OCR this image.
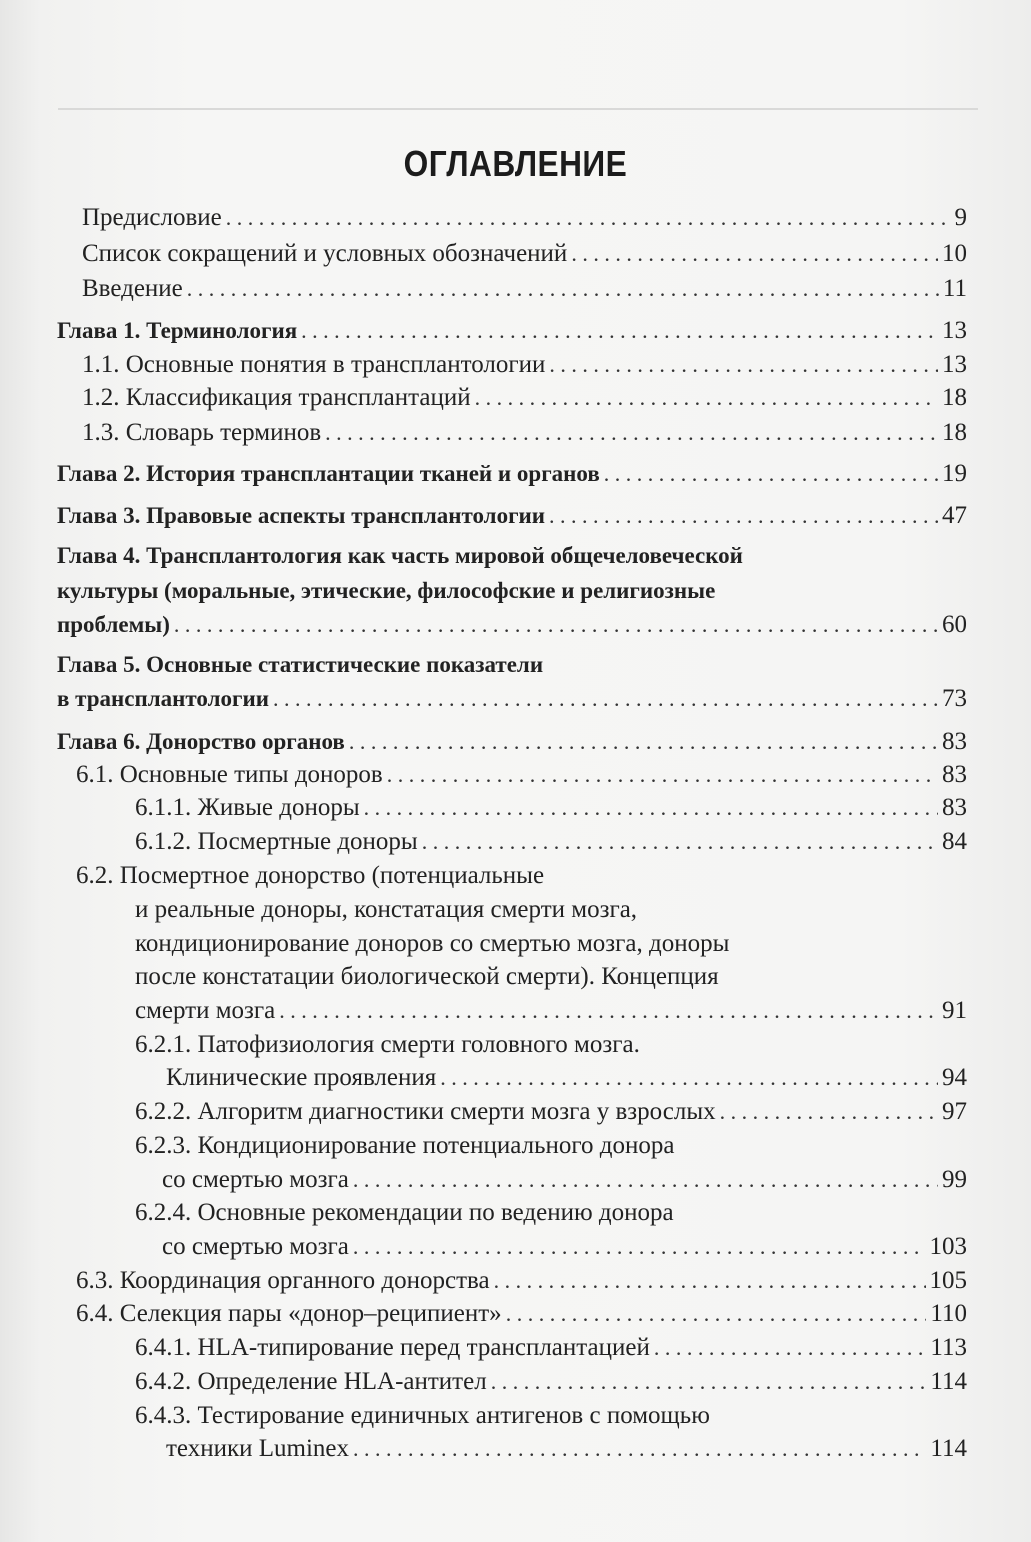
ОГЛАВЛЕНИЕ
Предисловие . . .	9
Список сокращений и условных обозначений . . .	10
Введение . . .	11
Глава 1. Терминология . . .	13
1.1. Основные понятия в трансплантологии . . .	13
1.2. Классификация трансплантаций . . .	18
1.3. Словарь терминов . . .	18
Глава 2. История трансплантации тканей и органов . . .	19
Глава 3. Правовые аспекты трансплантологии . . .	47
Глава 4. Трансплантология как часть мировой общечеловеческой
культуры (моральные, этические, философские и религиозные
проблемы) . . .	60
Глава 5. Основные статистические показатели
в трансплантологии . . .	73
Глава 6. Донорство органов . . .	83
6.1. Основные типы доноров . . .	83
6.1.1. Живые доноры . . .	83
6.1.2. Посмертные доноры . . .	84
6.2. Посмертное донорство (потенциальные
и реальные доноры, констатация смерти мозга,
кондиционирование доноров со смертью мозга, доноры
после констатации биологической смерти). Концепция
смерти мозга . . .	91
6.2.1. Патофизиология смерти головного мозга.
Клинические проявления . . .	94
6.2.2. Алгоритм диагностики смерти мозга у взрослых . . .	97
6.2.3. Кондиционирование потенциального донора
со смертью мозга . . .	99
6.2.4. Основные рекомендации по ведению донора
со смертью мозга . . .	103
6.3. Координация органного донорства . . .	105
6.4. Селекция пары «донор–реципиент» . . .	110
6.4.1. HLA-типирование перед трансплантацией . . .	113
6.4.2. Определение HLA-антител . . .	114
6.4.3. Тестирование единичных антигенов с помощью
техники Luminex . . .	114
